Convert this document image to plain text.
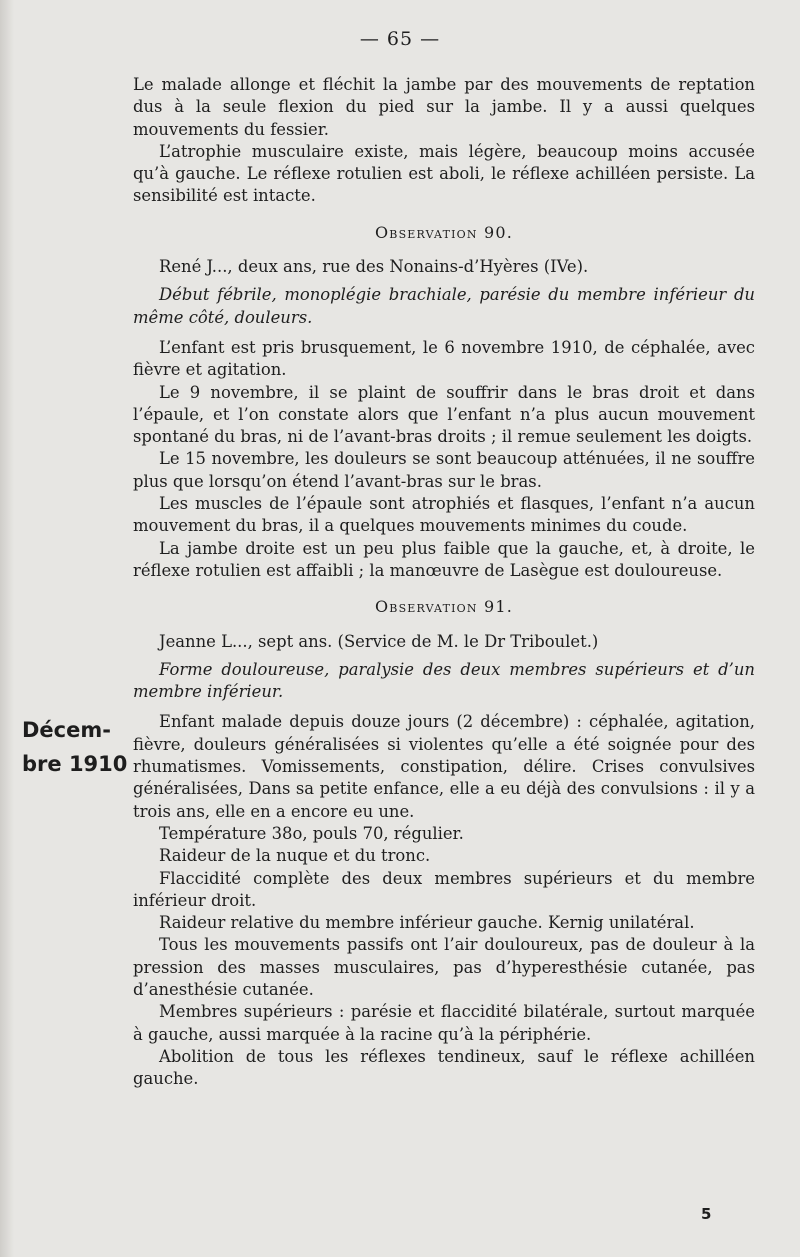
— 65 —
Décem-
bre 1910

Le malade allonge et fléchit la jambe par des mouvements de reptation dus à la seule flexion du pied sur la jambe. Il y a aussi quelques mouvements du fessier.

L’atrophie musculaire existe, mais légère, beaucoup moins accusée qu’à gauche. Le réflexe rotulien est aboli, le réflexe achilléen persiste. La sensibilité est intacte.

Observation 90.

René J..., deux ans, rue des Nonains-d’Hyères (IVe).

Début fébrile, monoplégie brachiale, parésie du membre inférieur du même côté, douleurs.

L’enfant est pris brusquement, le 6 novembre 1910, de céphalée, avec fièvre et agitation.

Le 9 novembre, il se plaint de souffrir dans le bras droit et dans l’épaule, et l’on constate alors que l’enfant n’a plus aucun mouvement spontané du bras, ni de l’avant-bras droits ; il remue seulement les doigts.

Le 15 novembre, les douleurs se sont beaucoup atténuées, il ne souffre plus que lorsqu’on étend l’avant-bras sur le bras.

Les muscles de l’épaule sont atrophiés et flasques, l’enfant n’a aucun mouvement du bras, il a quelques mouvements minimes du coude.

La jambe droite est un peu plus faible que la gauche, et, à droite, le réflexe rotulien est affaibli ; la manœuvre de Lasègue est douloureuse.

Observation 91.

Jeanne L..., sept ans. (Service de M. le Dr Triboulet.)

Forme douloureuse, paralysie des deux membres supérieurs et d’un membre inférieur.

Enfant malade depuis douze jours (2 décembre) : céphalée, agitation, fièvre, douleurs généralisées si violentes qu’elle a été soignée pour des rhumatismes. Vomissements, constipation, délire. Crises convulsives généralisées, Dans sa petite enfance, elle a eu déjà des convulsions : il y a trois ans, elle en a encore eu une.

Température 38o, pouls 70, régulier.

Raideur de la nuque et du tronc.

Flaccidité complète des deux membres supérieurs et du membre inférieur droit.

Raideur relative du membre inférieur gauche. Kernig unilatéral.

Tous les mouvements passifs ont l’air douloureux, pas de douleur à la pression des masses musculaires, pas d’hyperesthésie cutanée, pas d’anesthésie cutanée.

Membres supérieurs : parésie et flaccidité bilatérale, surtout marquée à gauche, aussi marquée à la racine qu’à la périphérie.

Abolition de tous les réflexes tendineux, sauf le réflexe achilléen gauche.

5
